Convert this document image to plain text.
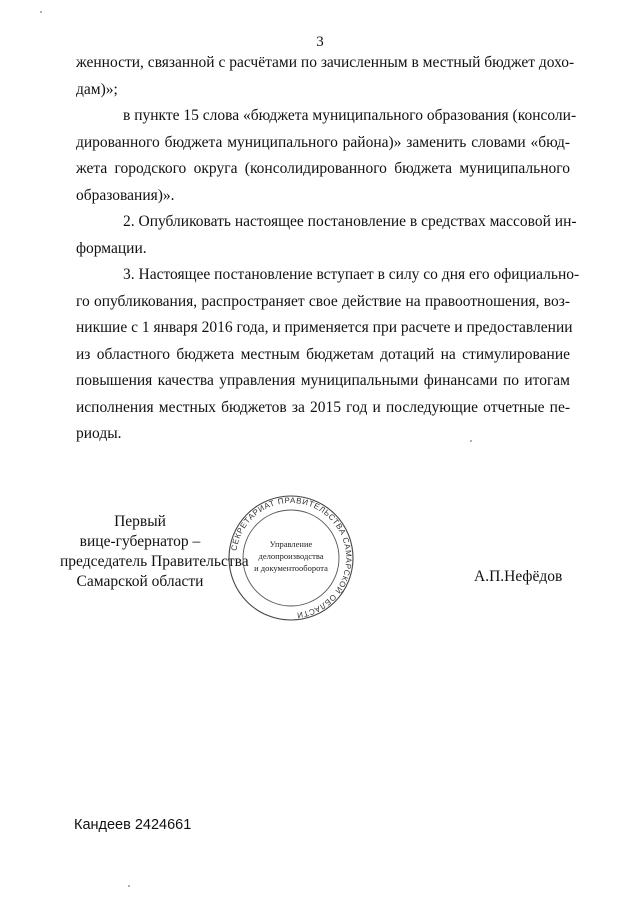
3

женности, связанной с расчётами по зачисленным в местный бюджет дохо-
дам)»;

в пункте 15 слова «бюджета муниципального образования (консоли-
дированного бюджета муниципального района)» заменить словами «бюд-
жета городского округа (консолидированного бюджета муниципального
образования)».

2. Опубликовать настоящее постановление в средствах массовой ин-
формации.

3. Настоящее постановление вступает в силу со дня его официально-
го опубликования, распространяет свое действие на правоотношения, воз-
никшие с 1 января 2016 года, и применяется при расчете и предоставлении
из областного бюджета местным бюджетам дотаций на стимулирование
повышения качества управления муниципальными финансами по итогам
исполнения местных бюджетов за 2015 год и последующие отчетные пе-
риоды.

Первый
вице-губернатор –
председатель Правительства
Самарской области
СЕКРЕТАРИАТ ПРАВИТЕЛЬСТВА САМАРСКОЙ ОБЛАСТИ
Управление
делопроизводства
и документооборота	А.П.Нефёдов
Кандеев 2424661
